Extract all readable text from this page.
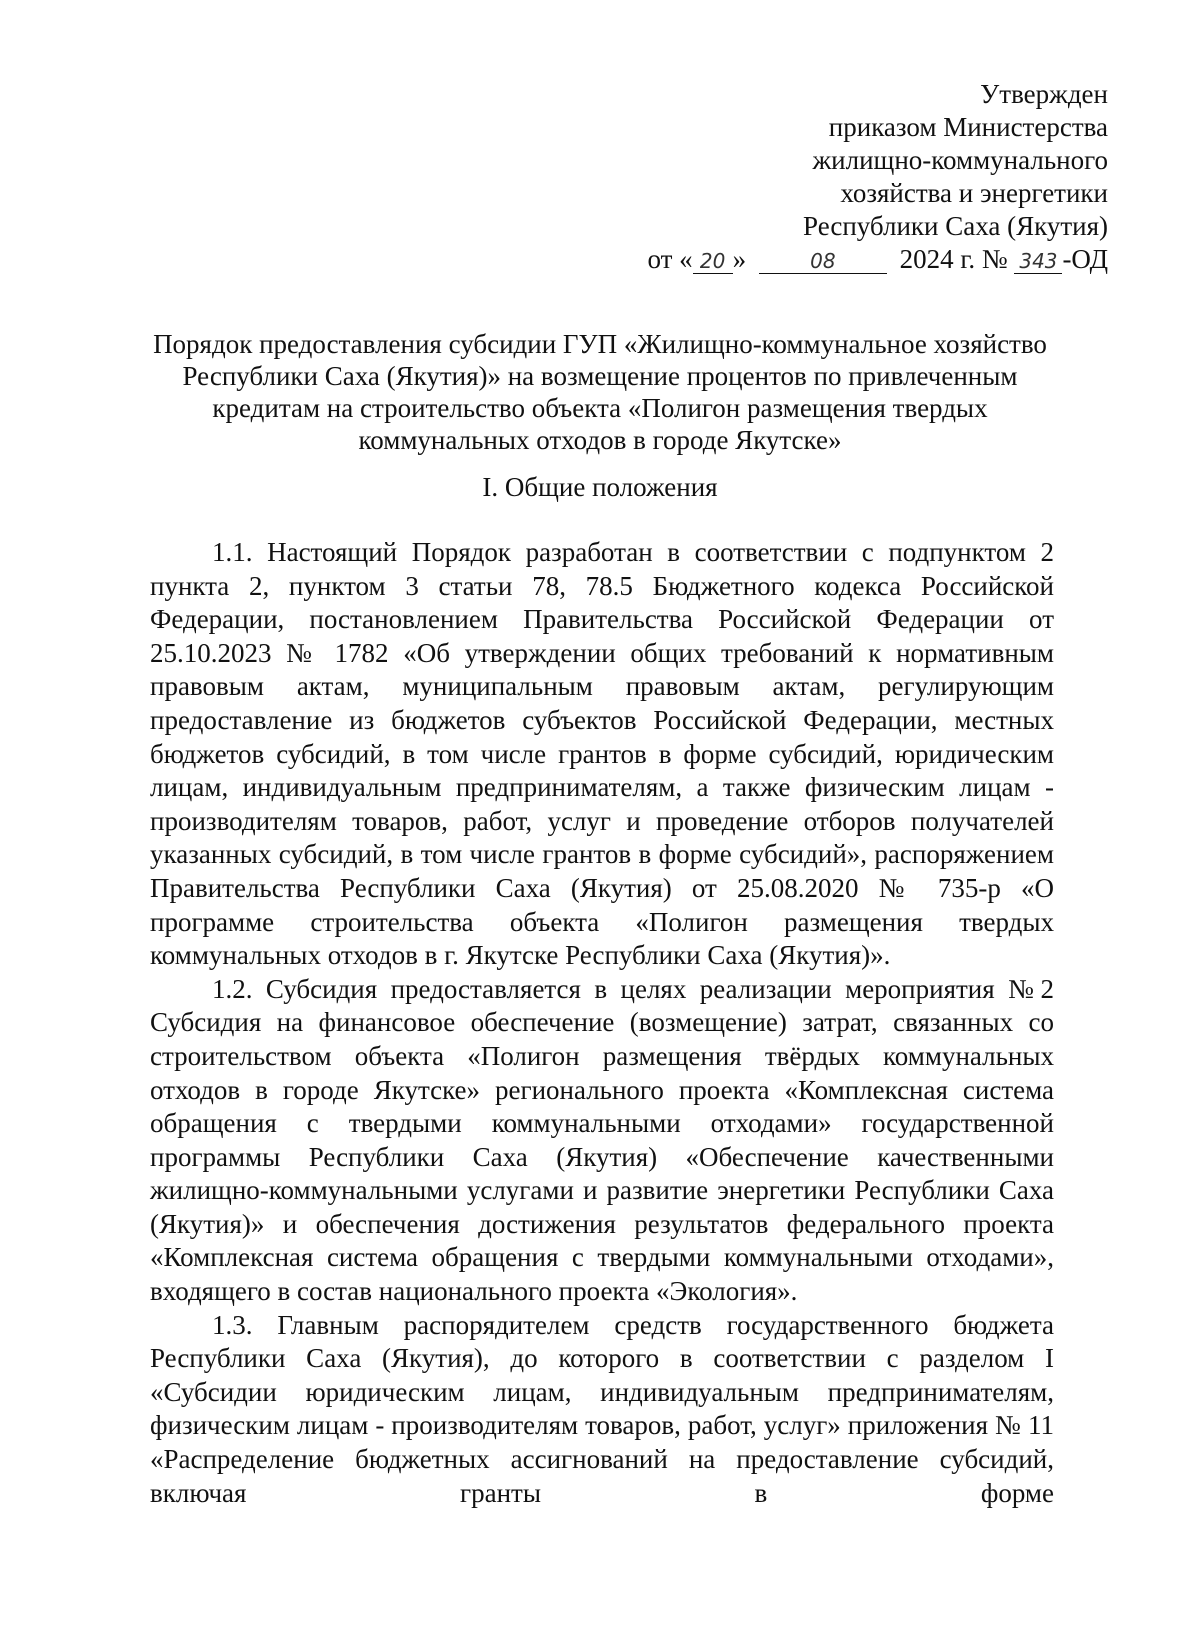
Утвержден
приказом Министерства
жилищно-коммунального
хозяйства и энергетики
Республики Саха (Якутия)
от « 20 »	08 2024 г. № 343 -ОД
Порядок предоставления субсидии ГУП «Жилищно-коммунальное хозяйство
Республики Саха (Якутия)» на возмещение процентов по привлеченным
кредитам на строительство объекта «Полигон размещения твердых
коммунальных отходов в городе Якутске»
I. Общие положения

1.1. Настоящий Порядок разработан в соответствии с подпунктом 2 пункта 2, пунктом 3 статьи 78, 78.5 Бюджетного кодекса Российской Федерации, постановлением Правительства Российской Федерации от 25.10.2023 № 1782 «Об утверждении общих требований к нормативным правовым актам, муниципальным правовым актам, регулирующим предоставление из бюджетов субъектов Российской Федерации, местных бюджетов субсидий, в том числе грантов в форме субсидий, юридическим лицам, индивидуальным предпринимателям, а также физическим лицам - производителям товаров, работ, услуг и проведение отборов получателей указанных субсидий, в том числе грантов в форме субсидий», распоряжением Правительства Республики Саха (Якутия) от 25.08.2020 № 735-р «О программе строительства объекта «Полигон размещения твердых коммунальных отходов в г. Якутске Республики Саха (Якутия)».

1.2. Субсидия предоставляется в целях реализации мероприятия №2 Субсидия на финансовое обеспечение (возмещение) затрат, связанных со строительством объекта «Полигон размещения твёрдых коммунальных отходов в городе Якутске» регионального проекта «Комплексная система обращения с твердыми коммунальными отходами» государственной программы Республики Саха (Якутия) «Обеспечение качественными жилищно-коммунальными услугами и развитие энергетики Республики Саха (Якутия)» и обеспечения достижения результатов федерального проекта «Комплексная система обращения с твердыми коммунальными отходами», входящего в состав национального проекта «Экология».

1.3. Главным распорядителем средств государственного бюджета Республики Саха (Якутия), до которого в соответствии с разделом I «Субсидии юридическим лицам, индивидуальным предпринимателям, физическим лицам - производителям товаров, работ, услуг» приложения № 11 «Распределение бюджетных ассигнований на предоставление субсидий, включая гранты в форме
